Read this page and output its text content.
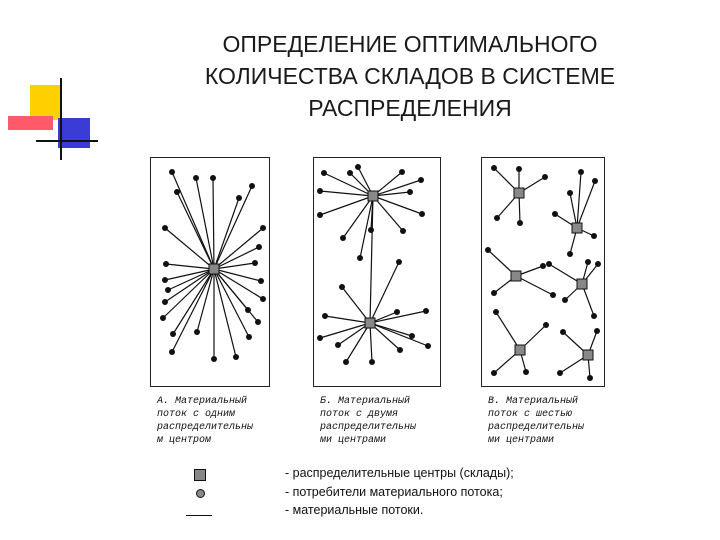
ОПРЕДЕЛЕНИЕ ОПТИМАЛЬНОГО
КОЛИЧЕСТВА СКЛАДОВ В СИСТЕМЕ
РАСПРЕДЕЛЕНИЯ
А. Материальный
поток с одним
распределительны
м центром
Б. Материальный
поток с двумя
распределительны
ми центрами
В. Материальный
поток с шестью
распределительны
ми центрами
- распределительные центры (склады);
- потребители материального потока;
- материальные потоки.
